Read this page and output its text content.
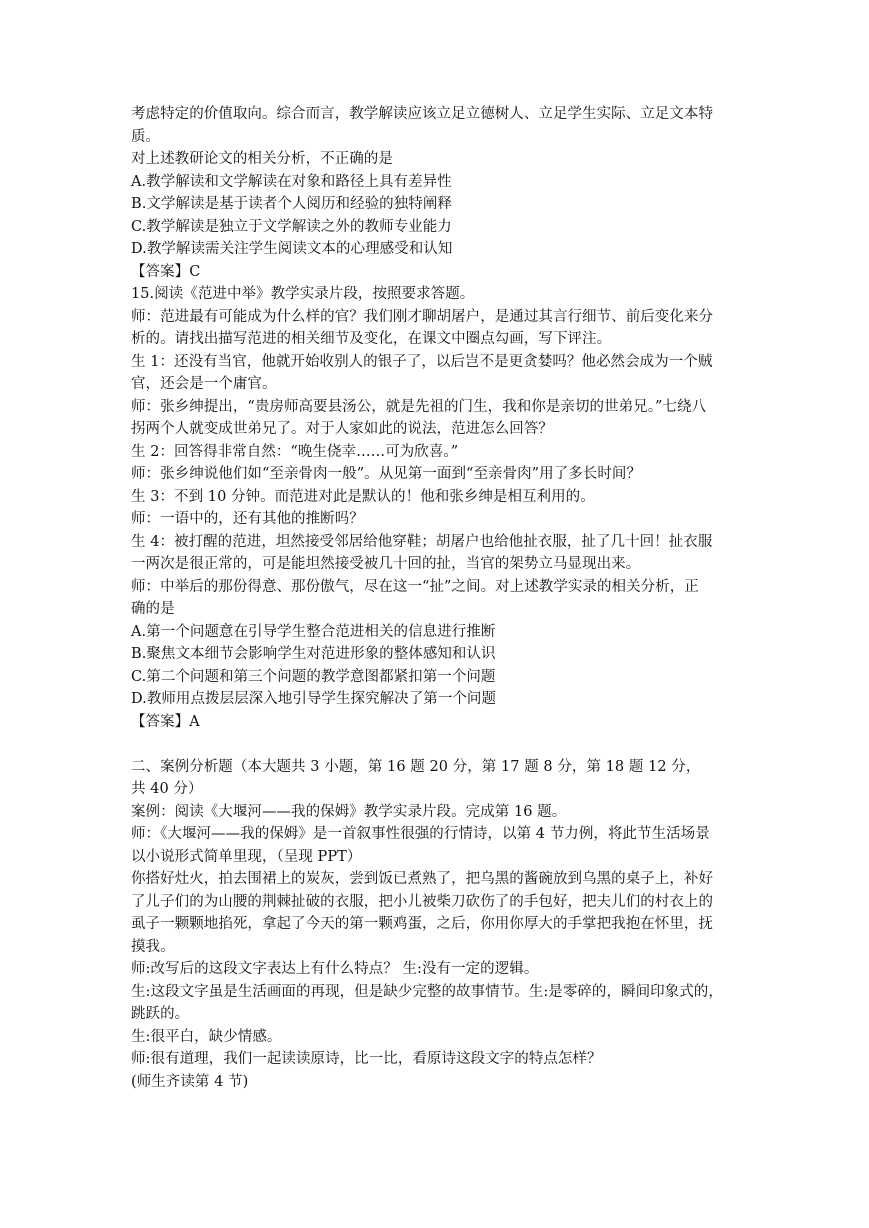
考虑特定的价值取向。综合而言，教学解读应该立足立德树人、立足学生实际、立足文本特
质。
对上述教研论文的相关分析，不正确的是
A.教学解读和文学解读在对象和路径上具有差异性
B.文学解读是基于读者个人阅历和经验的独特阐释
C.教学解读是独立于文学解读之外的教师专业能力
D.教学解读需关注学生阅读文本的心理感受和认知
【答案】C
15.阅读《范进中举》教学实录片段，按照要求答题。
师：范进最有可能成为什么样的官？我们刚才聊胡屠户，是通过其言行细节、前后变化来分
析的。请找出描写范进的相关细节及变化，在课文中圈点勾画，写下评注。
生 1：还没有当官，他就开始收别人的银子了，以后岂不是更贪婪吗？他必然会成为一个贼
官，还会是一个庸官。
师：张乡绅提出，“贵房师高要县汤公，就是先祖的门生，我和你是亲切的世弟兄。”七绕八
拐两个人就变成世弟兄了。对于人家如此的说法，范进怎么回答？
生 2：回答得非常自然：“晚生侥幸……可为欣喜。”
师：张乡绅说他们如“至亲骨肉一般”。从见第一面到“至亲骨肉”用了多长时间？
生 3：不到 10 分钟。而范进对此是默认的！他和张乡绅是相互利用的。
师：一语中的，还有其他的推断吗？
生 4：被打醒的范进，坦然接受邻居给他穿鞋；胡屠户也给他扯衣服，扯了几十回！扯衣服
一两次是很正常的，可是能坦然接受被几十回的扯，当官的架势立马显现出来。
师：中举后的那份得意、那份傲气，尽在这一“扯”之间。对上述教学实录的相关分析，正
确的是
A.第一个问题意在引导学生整合范进相关的信息进行推断
B.聚焦文本细节会影响学生对范进形象的整体感知和认识
C.第二个问题和第三个问题的教学意图都紧扣第一个问题
D.教师用点拨层层深入地引导学生探究解决了第一个问题
【答案】A
二、案例分析题（本大题共 3 小题，第 16 题 20 分，第 17 题 8 分，第 18 题 12 分，
共 40 分）
案例：阅读《大堰河——我的保姆》教学实录片段。完成第 16 题。
师：《大堰河——我的保姆》是一首叙事性很强的行情诗，以第 4 节力例，将此节生活场景
以小说形式简单里现，（呈现 PPT）
你搭好灶火，拍去围裙上的炭灰，尝到饭已煮熟了，把乌黑的酱碗放到乌黑的桌子上，补好
了儿子们的为山腰的荆棘扯破的衣服，把小儿被柴刀砍伤了的手包好，把夫儿们的村衣上的
虱子一颗颗地掐死，拿起了今天的第一颗鸡蛋，之后，你用你厚大的手掌把我抱在怀里，抚
摸我。
师:改写后的这段文字表达上有什么特点？ 生:没有一定的逻辑。
生:这段文字虽是生活画面的再现，但是缺少完整的故事情节。生:是零碎的，瞬间印象式的，
跳跃的。
生:很平白，缺少情感。
师:很有道理，我们一起读读原诗，比一比，看原诗这段文字的特点怎样？
(师生齐读第 4 节)
